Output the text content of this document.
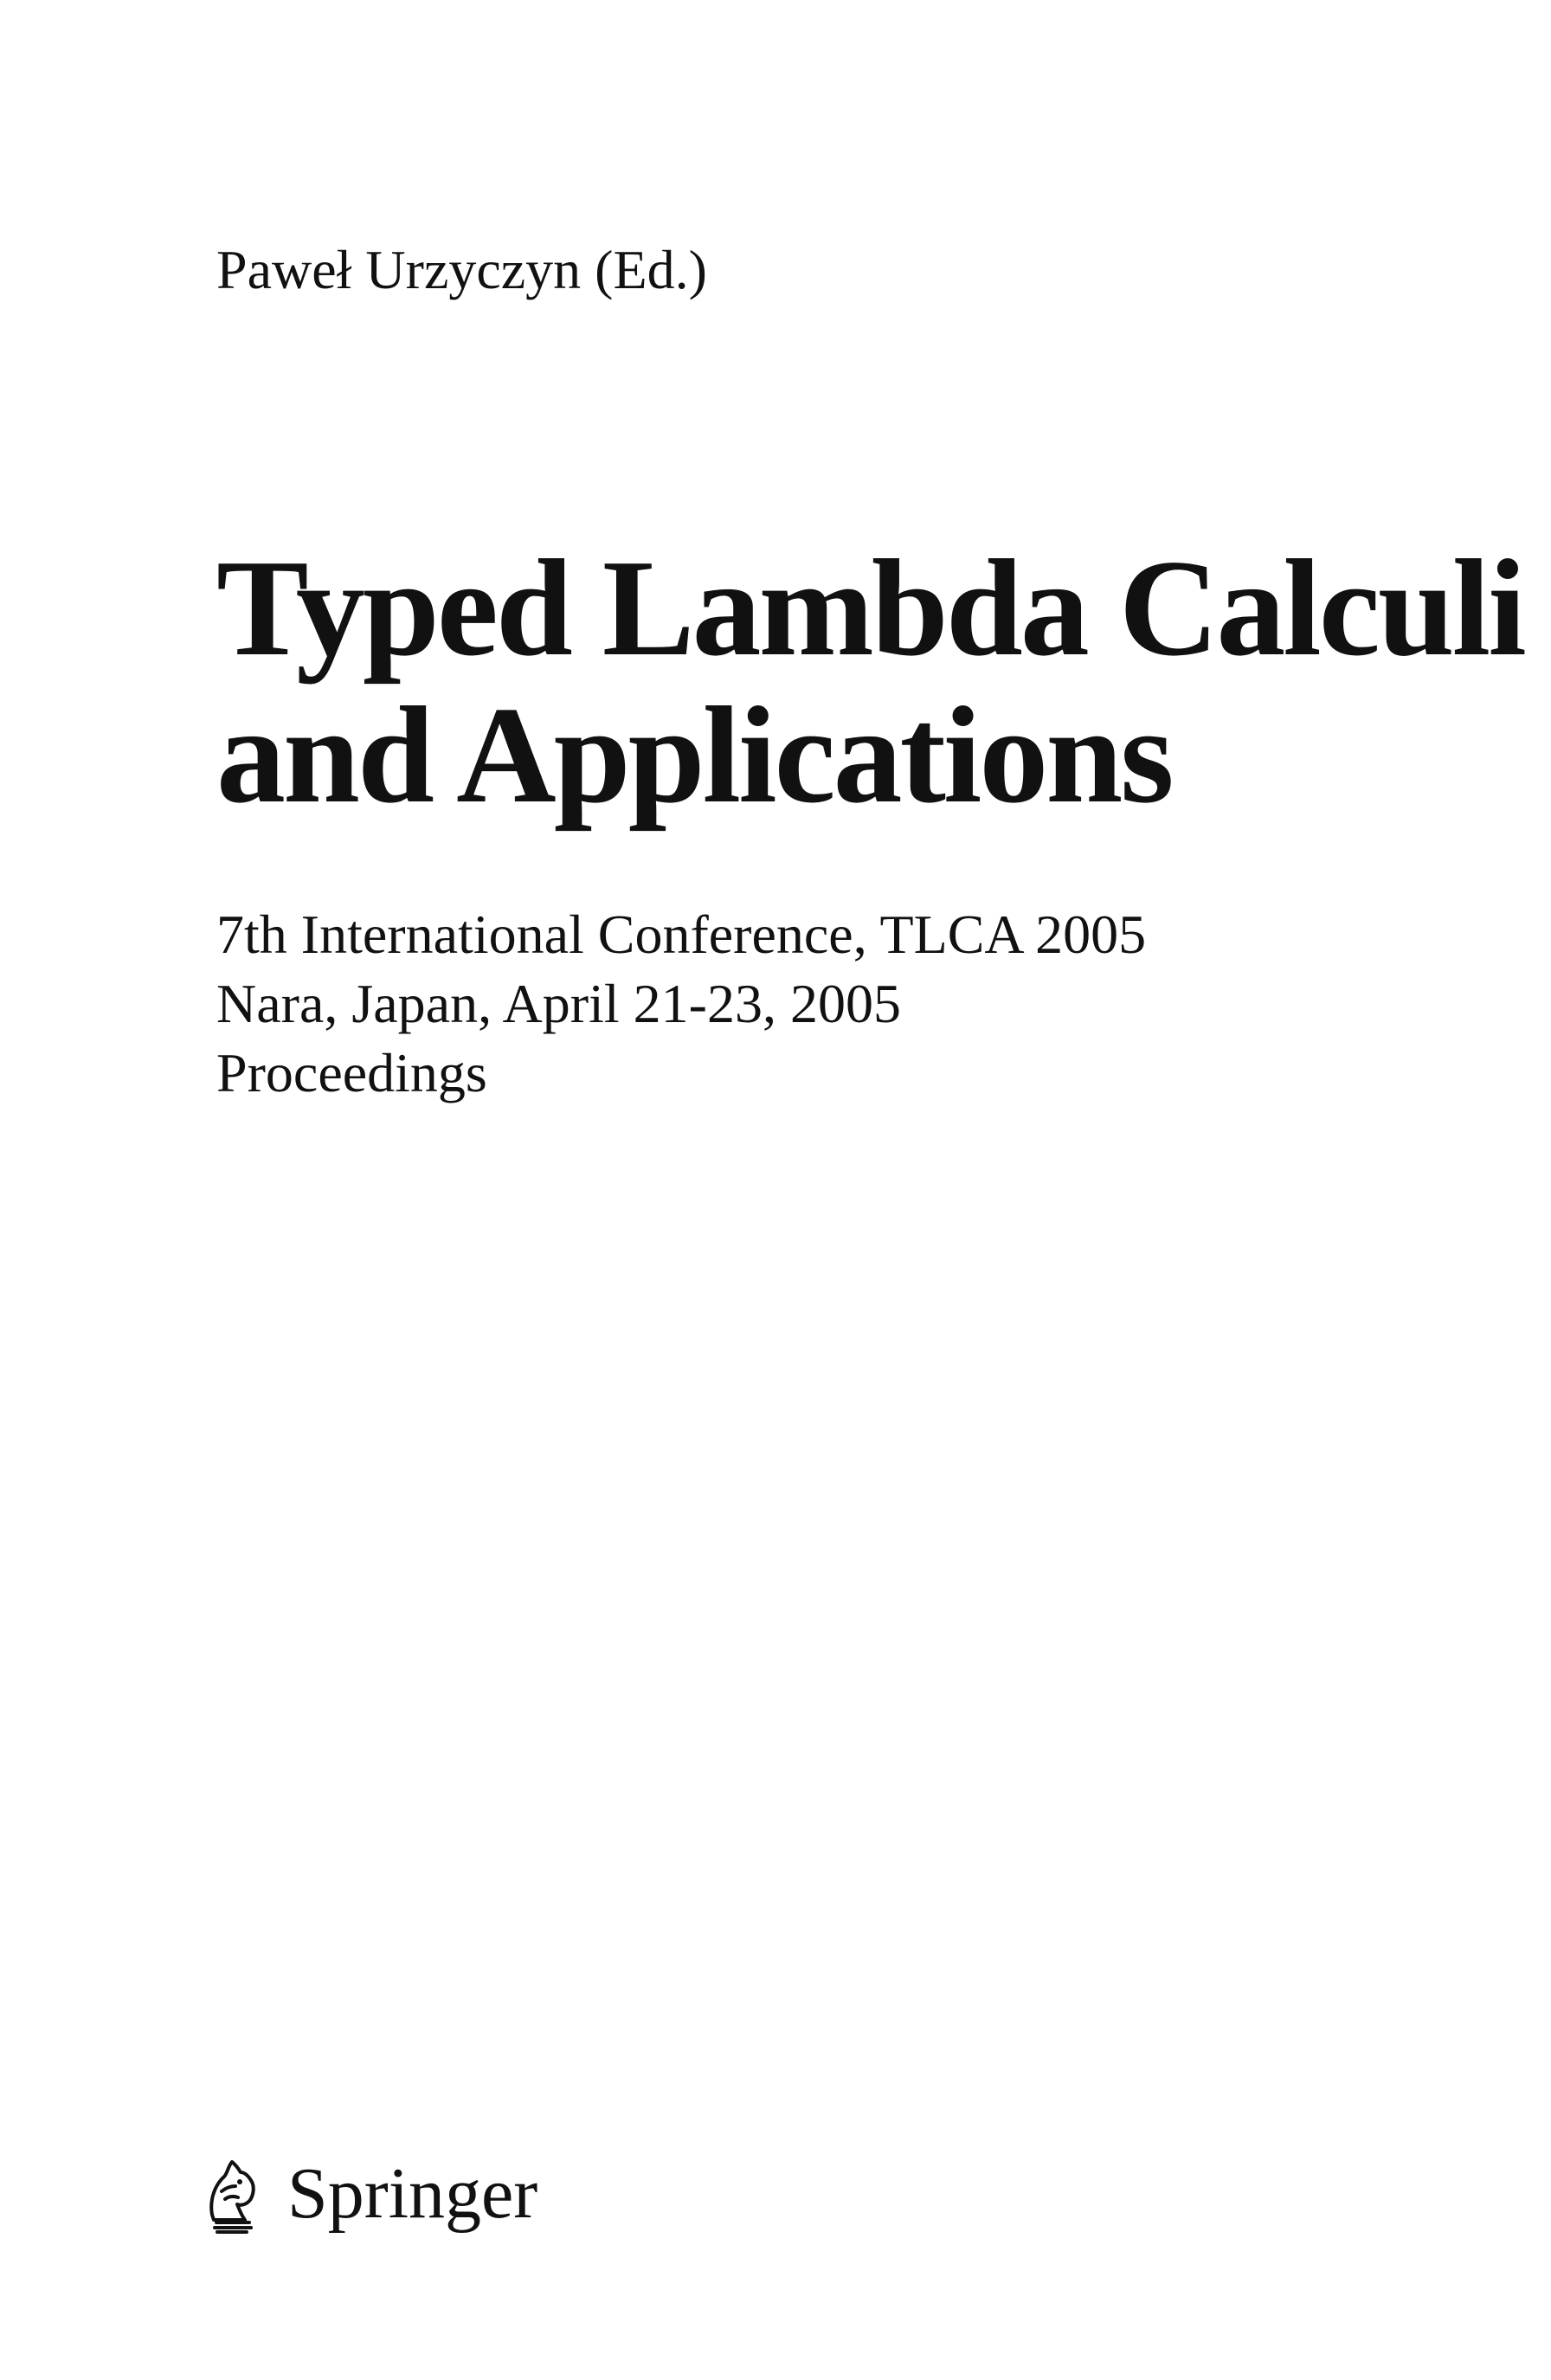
Paweł Urzyczyn (Ed.)
Typed Lambda Calculi
and Applications
7th International Conference, TLCA 2005
Nara, Japan, April 21-23, 2005
Proceedings
Springer
